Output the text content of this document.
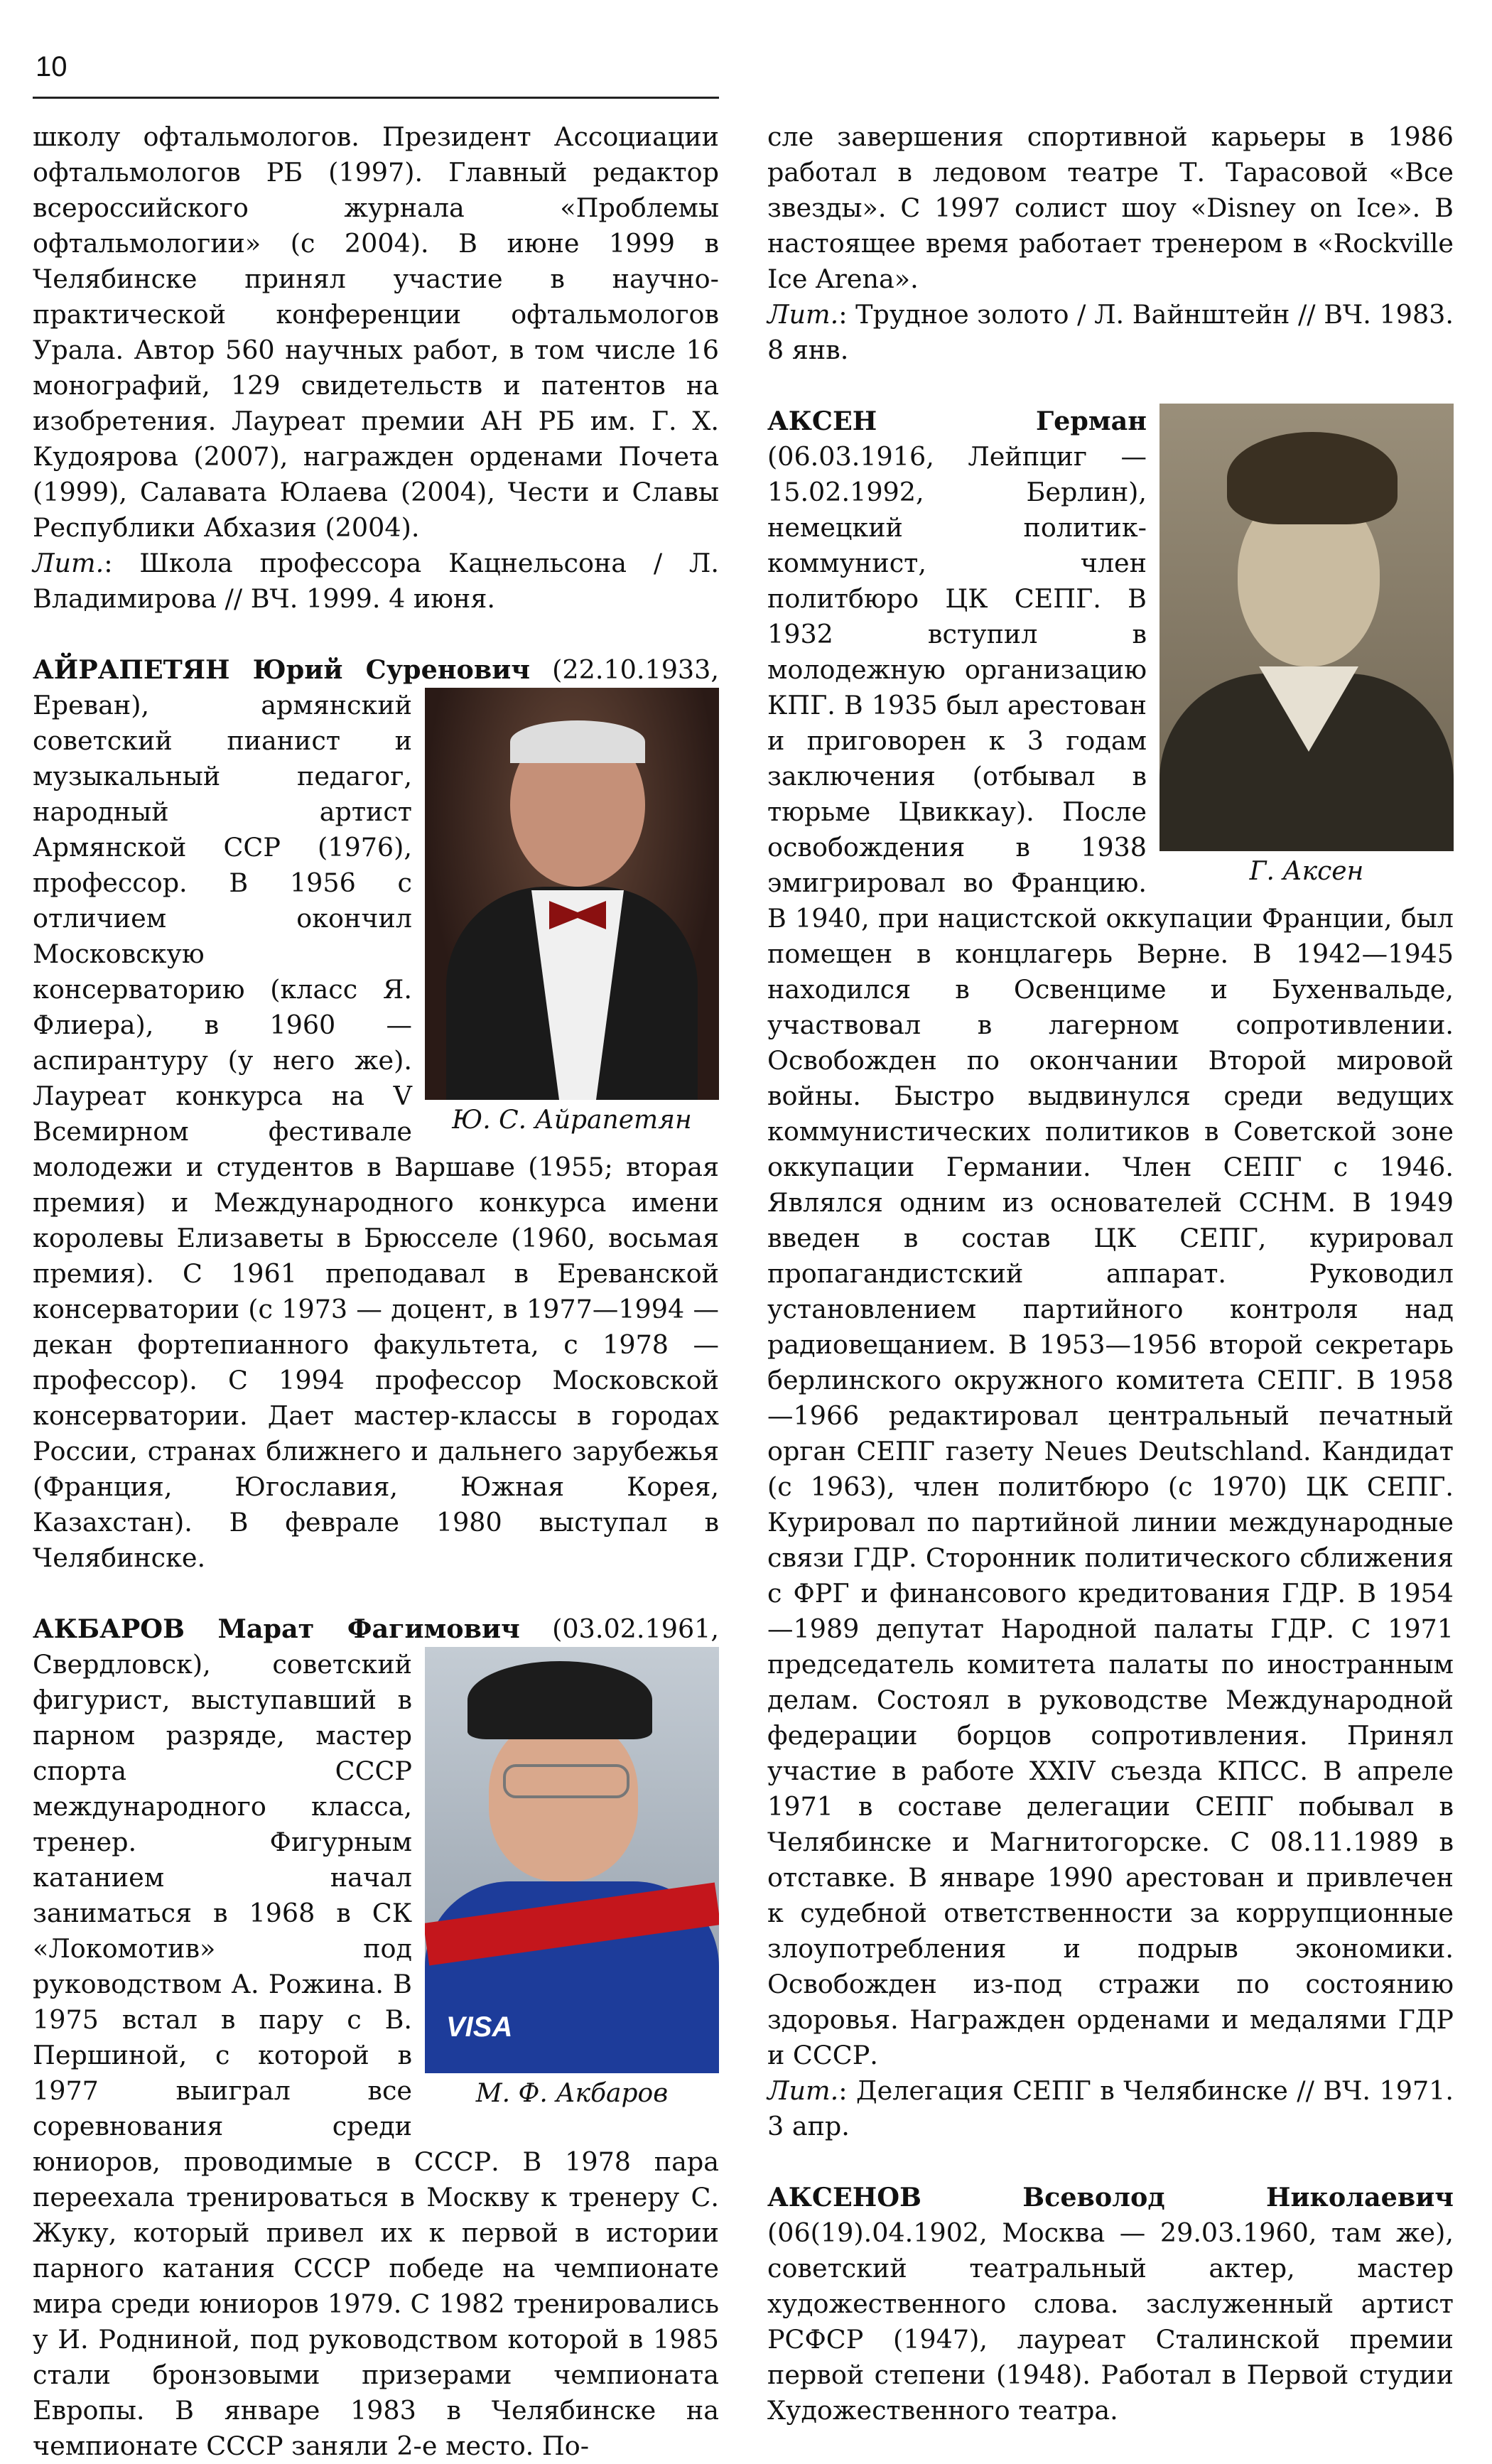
10

школу офтальмологов. Президент Ассоциации офтальмологов РБ (1997). Главный редактор всероссийского журнала «Проблемы офтальмологии» (с 2004). В июне 1999 в Челябинске принял участие в научно-практической конференции офтальмологов Урала. Автор 560 научных работ, в том числе 16 монографий, 129 свидетельств и патентов на изобретения. Лауреат премии АН РБ им. Г. Х. Кудоярова (2007), награжден орденами Почета (1999), Салавата Юлаева (2004), Чести и Славы Республики Абхазия (2004).

Лит.: Школа профессора Кацнельсона / Л. Владимирова // ВЧ. 1999. 4 июня.

АЙРАПЕТЯН Юрий Суренович
Ю. С. Айрапетян
(22.10.1933, Ереван), армянский советский пианист и музыкальный педагог, народный артист Армянской ССР (1976), профессор. В 1956 с отличием окончил Московскую консерваторию (класс Я. Флиера), в 1960 — аспирантуру (у него же). Лауреат конкурса на V Всемирном фестивале молодежи и студентов в Варшаве (1955; вторая премия) и Международного конкурса имени королевы Елизаветы в Брюсселе (1960, восьмая премия). С 1961 преподавал в Ереванской консерватории (с 1973 — доцент, в 1977—1994 — декан фортепианного факультета, с 1978 — профессор). С 1994 профессор Московской консерватории. Дает мастер-классы в городах России, странах ближнего и дальнего зарубежья (Франция, Югославия, Южная Корея, Казахстан). В феврале 1980 выступал в Челябинске.

АКБАРОВ Марат Фагимович
VISA
М. Ф. Акбаров
(03.02.1961, Свердловск), советский фигурист, выступавший в парном разряде, мастер спорта СССР международного класса, тренер. Фигурным катанием начал заниматься в 1968 в СК «Локомотив» под руководством А. Рожина. В 1975 встал в пару с В. Першиной, с которой в 1977 выиграл все соревнования среди юниоров, проводимые в СССР. В 1978 пара переехала тренироваться в Москву к тренеру С. Жуку, который привел их к первой в истории парного катания СССР победе на чемпионате мира среди юниоров 1979. С 1982 тренировались у И. Родниной, под руководством которой в 1985 стали бронзовыми призерами чемпионата Европы. В январе 1983 в Челябинске на чемпионате СССР заняли 2-е место. По-

сле завершения спортивной карьеры в 1986 работал в ледовом театре Т. Тарасовой «Все звезды». С 1997 солист шоу «Disney on Ice». В настоящее время работает тренером в «Rockville Ice Arena».

Лит.: Трудное золото / Л. Вайнштейн // ВЧ. 1983. 8 янв.

АКСЕН Герман
Г. Аксен
(06.03.1916, Лейпциг — 15.02.1992, Берлин), немецкий политик-коммунист, член политбюро ЦК СЕПГ. В 1932 вступил в молодежную организацию КПГ. В 1935 был арестован и приговорен к 3 годам заключения (отбывал в тюрьме Цвиккау). После освобождения в 1938 эмигрировал во Францию. В 1940, при нацистской оккупации Франции, был помещен в концлагерь Верне. В 1942—1945 находился в Освенциме и Бухенвальде, участвовал в лагерном сопротивлении. Освобожден по окончании Второй мировой войны. Быстро выдвинулся среди ведущих коммунистических политиков в Советской зоне оккупации Германии. Член СЕПГ с 1946. Являлся одним из основателей ССНМ. В 1949 введен в состав ЦК СЕПГ, курировал пропагандистский аппарат. Руководил установлением партийного контроля над радиовещанием. В 1953—1956 второй секретарь берлинского окружного комитета СЕПГ. В 1958—1966 редактировал центральный печатный орган СЕПГ газету Neues Deutschland. Кандидат (с 1963), член политбюро (с 1970) ЦК СЕПГ. Курировал по партийной линии международные связи ГДР. Сторонник политического сближения с ФРГ и финансового кредитования ГДР. В 1954—1989 депутат Народной палаты ГДР. С 1971 председатель комитета палаты по иностранным делам. Состоял в руководстве Международной федерации борцов сопротивления. Принял участие в работе XXIV съезда КПСС. В апреле 1971 в составе делегации СЕПГ побывал в Челябинске и Магнитогорске. С 08.11.1989 в отставке. В январе 1990 арестован и привлечен к судебной ответственности за коррупционные злоупотребления и подрыв экономики. Освобожден из-под стражи по состоянию здоровья. Награжден орденами и медалями ГДР и СССР.

Лит.: Делегация СЕПГ в Челябинске // ВЧ. 1971. 3 апр.

АКСЕНОВ Всеволод Николаевич (06(19).04.1902, Москва — 29.03.1960, там же), советский театральный актер, мастер художественного слова. заслуженный артист РСФСР (1947), лауреат Сталинской премии первой степени (1948). Работал в Первой студии Художественного театра.
